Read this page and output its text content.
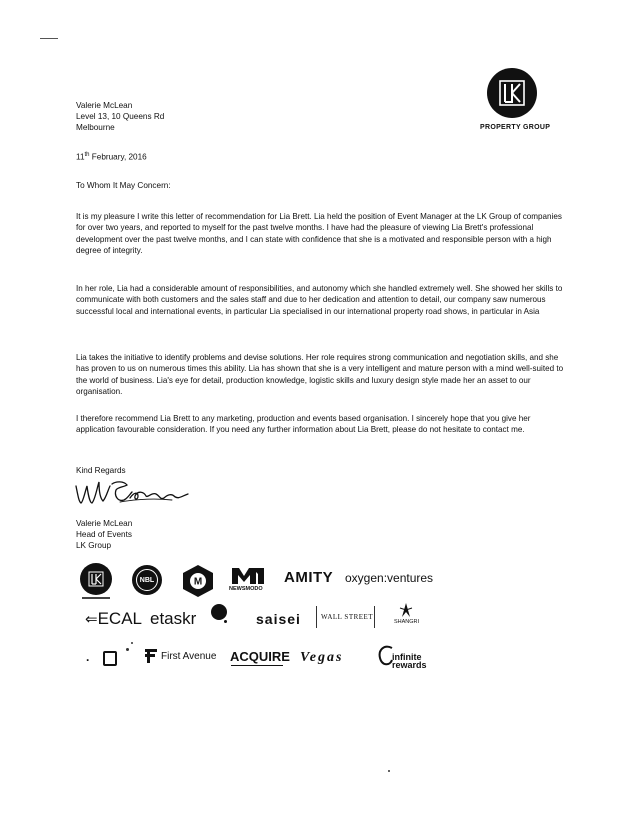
PROPERTY GROUP
Valerie McLean
Level 13, 10 Queens Rd
Melbourne
11th February, 2016
To Whom It May Concern:
It is my pleasure I write this letter of recommendation for Lia Brett. Lia held the position of Event Manager at the LK Group of companies for over two years, and reported to myself for the past twelve months. I have had the pleasure of viewing Lia Brett's professional development over the past twelve months, and I can state with confidence that she is a motivated and responsible person with a high degree of integrity.
In her role, Lia had a considerable amount of responsibilities, and autonomy which she handled extremely well. She showed her skills to communicate with both customers and the sales staff and due to her dedication and attention to detail, our company saw numerous successful local and international events, in particular Lia specialised in our international property road shows, in particular in Asia
Lia takes the initiative to identify problems and devise solutions. Her role requires strong communication and negotiation skills, and she has proven to us on numerous times this ability. Lia has shown that she is a very intelligent and mature person with a mind well-suited to the world of business. Lia's eye for detail, production knowledge, logistic skills and luxury design style made her an asset to our organisation.
I therefore recommend Lia Brett to any marketing, production and events based organisation. I sincerely hope that you give her application favourable consideration. If you need any further information about Lia Brett, please do not hesitate to contact me.
Kind Regards
Valerie McLean
Head of Events
LK Group
NBL	M
NEWSMODO
AMITY oxygen:ventures
⇐ECAL etaskr	saisei	WALL STREET
SHANGRI
.	First Avenue ACQUIRE Vegas	infinite
rewards
